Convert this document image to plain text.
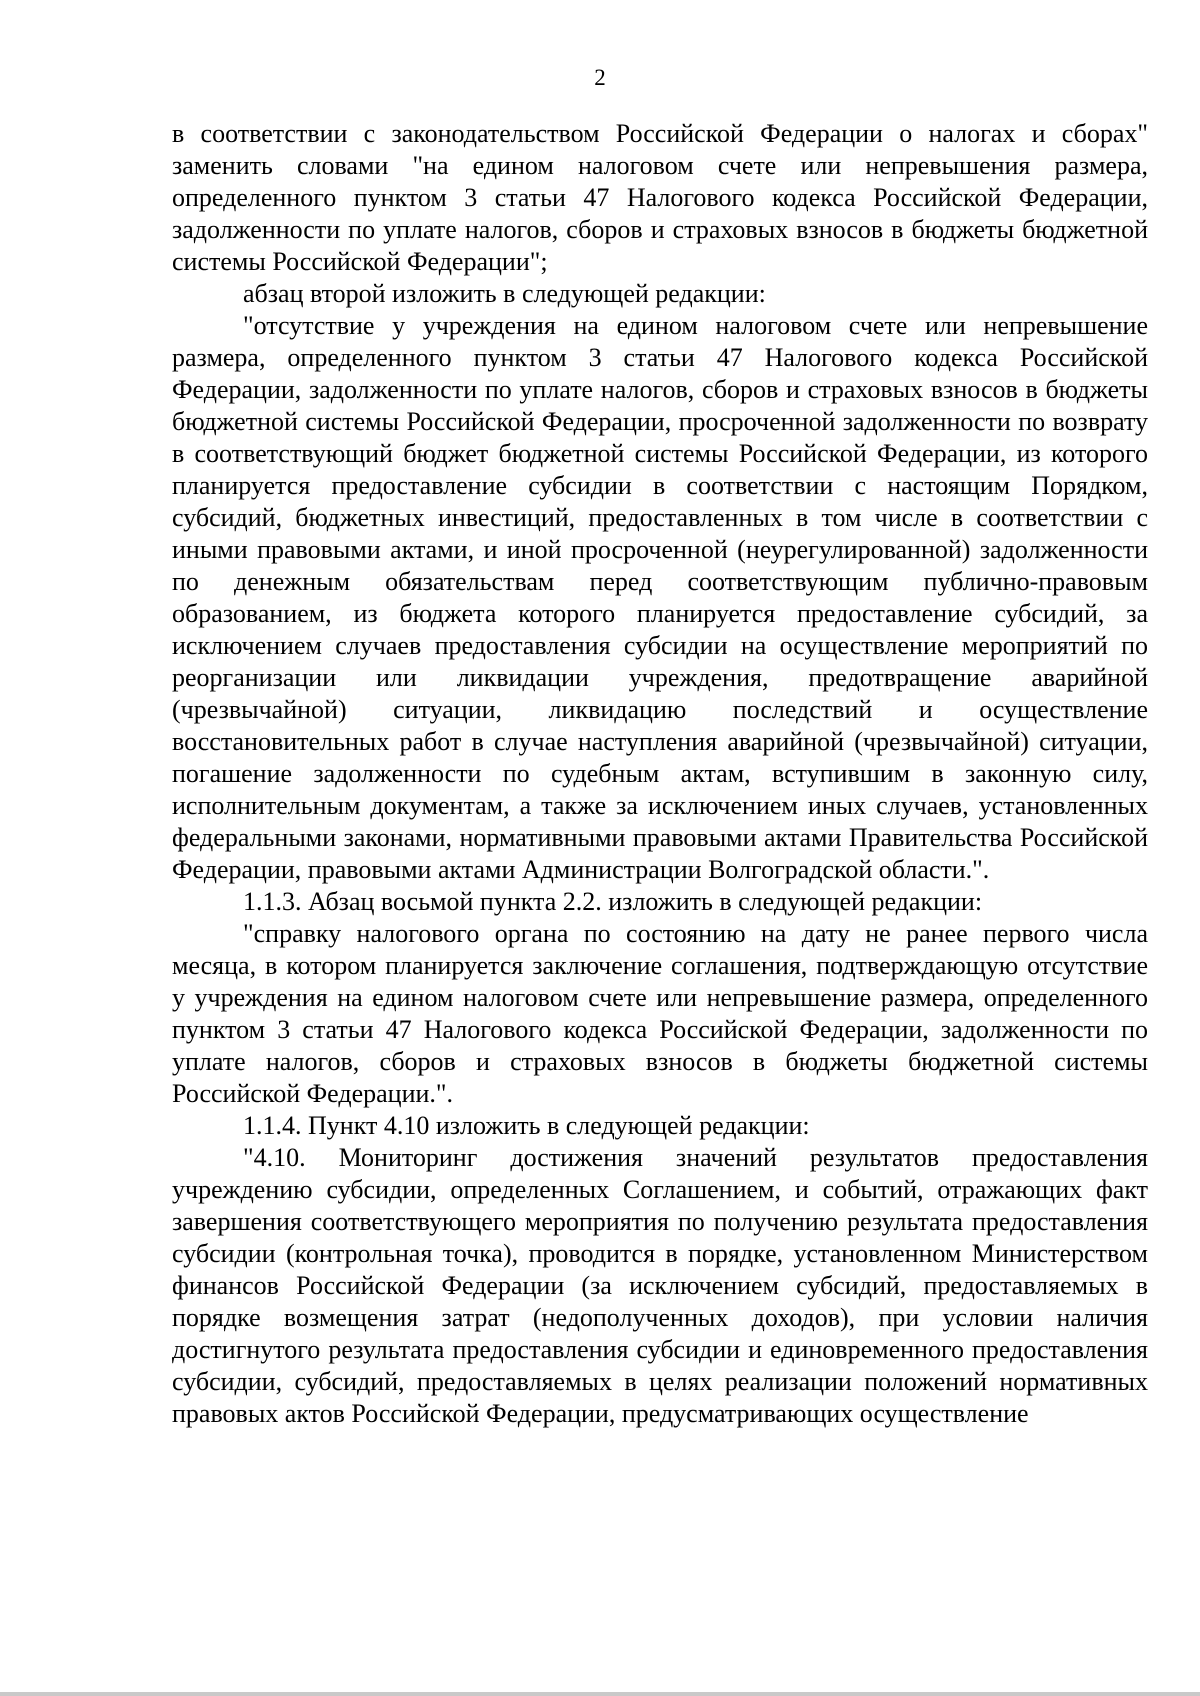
2

в соответствии с законодательством Российской Федерации о налогах и сборах" заменить словами "на едином налоговом счете или непревышения размера, определенного пунктом 3 статьи 47 Налогового кодекса Российской Федерации, задолженности по уплате налогов, сборов и страховых взносов в бюджеты бюджетной системы Российской Федерации";

абзац второй изложить в следующей редакции:

"отсутствие у учреждения на едином налоговом счете или непревышение размера, определенного пунктом 3 статьи 47 Налогового кодекса Российской Федерации, задолженности по уплате налогов, сборов и страховых взносов в бюджеты бюджетной системы Российской Федерации, просроченной задолженности по возврату в соответствующий бюджет бюджетной системы Российской Федерации, из которого планируется предоставление субсидии в соответствии с настоящим Порядком, субсидий, бюджетных инвестиций, предоставленных в том числе в соответствии с иными правовыми актами, и иной просроченной (неурегулированной) задолженности по денежным обязательствам перед соответствующим публично-правовым образованием, из бюджета которого планируется предоставление субсидий, за исключением случаев предоставления субсидии на осуществление мероприятий по реорганизации или ликвидации учреждения, предотвращение аварийной (чрезвычайной) ситуации, ликвидацию последствий и осуществление восстановительных работ в случае наступления аварийной (чрезвычайной) ситуации, погашение задолженности по судебным актам, вступившим в законную силу, исполнительным документам, а также за исключением иных случаев, установленных федеральными законами, нормативными правовыми актами Правительства Российской Федерации, правовыми актами Администрации Волгоградской области.".

1.1.3. Абзац восьмой пункта 2.2. изложить в следующей редакции:

"справку налогового органа по состоянию на дату не ранее первого числа месяца, в котором планируется заключение соглашения, подтверждающую отсутствие у учреждения на едином налоговом счете или непревышение размера, определенного пунктом 3 статьи 47 Налогового кодекса Российской Федерации, задолженности по уплате налогов, сборов и страховых взносов в бюджеты бюджетной системы Российской Федерации.".

1.1.4. Пункт 4.10 изложить в следующей редакции:

"4.10. Мониторинг достижения значений результатов предоставления учреждению субсидии, определенных Соглашением, и событий, отражающих факт завершения соответствующего мероприятия по получению результата предоставления субсидии (контрольная точка), проводится в порядке, установленном Министерством финансов Российской Федерации (за исключением субсидий, предоставляемых в порядке возмещения затрат (недополученных доходов), при условии наличия достигнутого результата предоставления субсидии и единовременного предоставления субсидии, субсидий, предоставляемых в целях реализации положений нормативных правовых актов Российской Федерации, предусматривающих осуществление
